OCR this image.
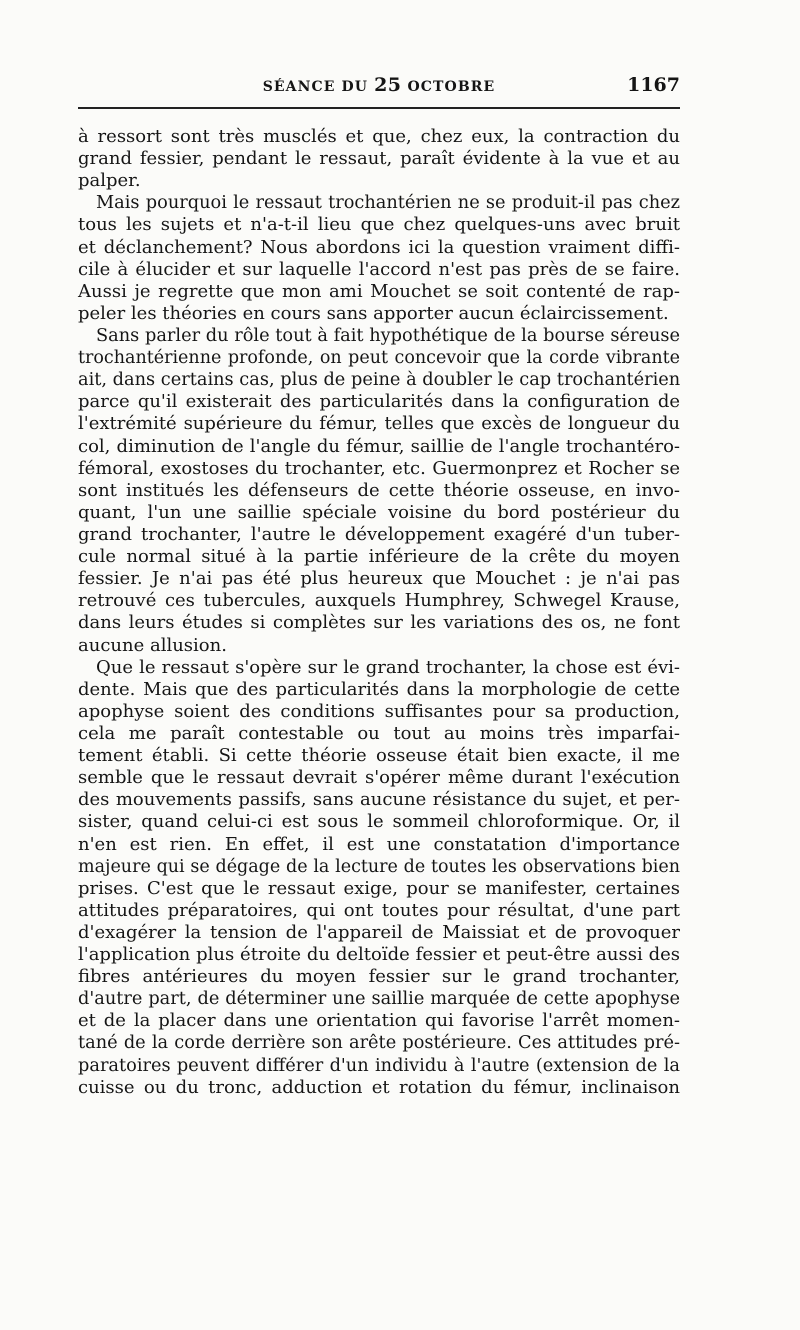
SÉANCE DU 25 OCTOBRE	1167
à ressort sont très musclés et que, chez eux, la contraction du
grand fessier, pendant le ressaut, paraît évidente à la vue et au
palper.
Mais pourquoi le ressaut trochantérien ne se produit-il pas chez
tous les sujets et n'a-t-il lieu que chez quelques-uns avec bruit
et déclanchement? Nous abordons ici la question vraiment diffi-
cile à élucider et sur laquelle l'accord n'est pas près de se faire.
Aussi je regrette que mon ami Mouchet se soit contenté de rap-
peler les théories en cours sans apporter aucun éclaircissement.
Sans parler du rôle tout à fait hypothétique de la bourse séreuse
trochantérienne profonde, on peut concevoir que la corde vibrante
ait, dans certains cas, plus de peine à doubler le cap trochantérien
parce qu'il existerait des particularités dans la configuration de
l'extrémité supérieure du fémur, telles que excès de longueur du
col, diminution de l'angle du fémur, saillie de l'angle trochantéro-
fémoral, exostoses du trochanter, etc. Guermonprez et Rocher se
sont institués les défenseurs de cette théorie osseuse, en invo-
quant, l'un une saillie spéciale voisine du bord postérieur du
grand trochanter, l'autre le développement exagéré d'un tuber-
cule normal situé à la partie inférieure de la crête du moyen
fessier. Je n'ai pas été plus heureux que Mouchet : je n'ai pas
retrouvé ces tubercules, auxquels Humphrey, Schwegel Krause,
dans leurs études si complètes sur les variations des os, ne font
aucune allusion.
Que le ressaut s'opère sur le grand trochanter, la chose est évi-
dente. Mais que des particularités dans la morphologie de cette
apophyse soient des conditions suffisantes pour sa production,
cela me paraît contestable ou tout au moins très imparfai-
tement établi. Si cette théorie osseuse était bien exacte, il me
semble que le ressaut devrait s'opérer même durant l'exécution
des mouvements passifs, sans aucune résistance du sujet, et per-
sister, quand celui-ci est sous le sommeil chloroformique. Or, il
n'en est rien. En effet, il est une constatation d'importance
majeure qui se dégage de la lecture de toutes les observations bien
prises. C'est que le ressaut exige, pour se manifester, certaines
attitudes préparatoires, qui ont toutes pour résultat, d'une part
d'exagérer la tension de l'appareil de Maissiat et de provoquer
l'application plus étroite du deltoïde fessier et peut-être aussi des
fibres antérieures du moyen fessier sur le grand trochanter,
d'autre part, de déterminer une saillie marquée de cette apophyse
et de la placer dans une orientation qui favorise l'arrêt momen-
tané de la corde derrière son arête postérieure. Ces attitudes pré-
paratoires peuvent différer d'un individu à l'autre (extension de la
cuisse ou du tronc, adduction et rotation du fémur, inclinaison
